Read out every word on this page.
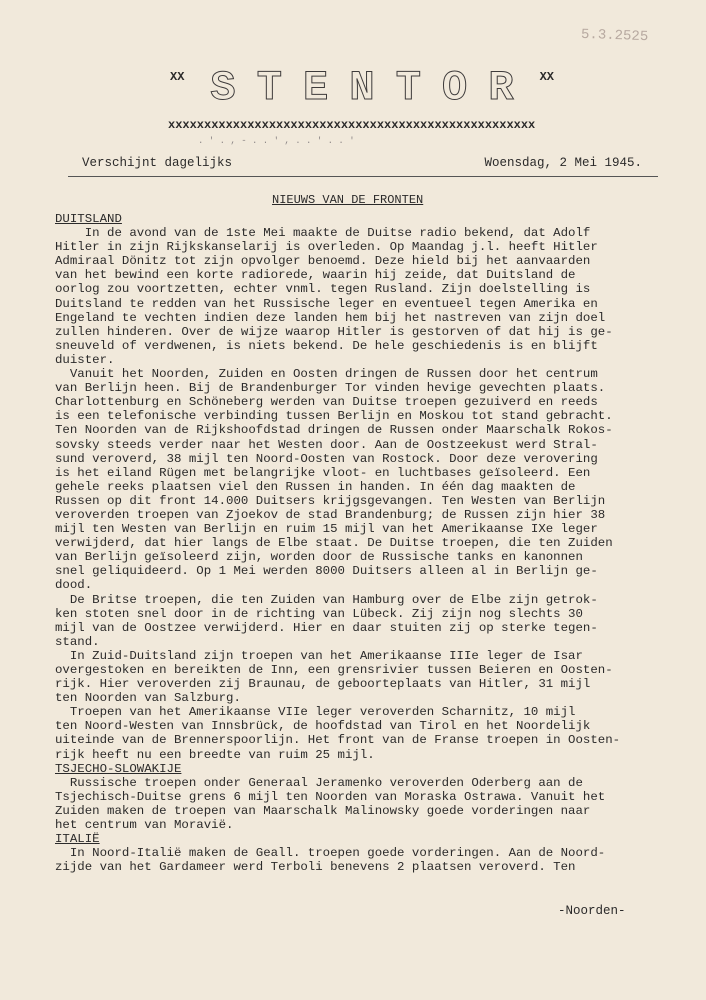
5.3.2525
XX S T E N T O R	XX
xxxxxxxxxxxxxxxxxxxxxxxxxxxxxxxxxxxxxxxxxxxxxxxxxxx
. ' . , - . . ' , . . ' . . '
Verschijnt dagelijks	Woensdag, 2 Mei 1945.
NIEUWS VAN DE FRONTEN
DUITSLAND
In de avond van de 1ste Mei maakte de Duitse radio bekend, dat Adolf
Hitler in zijn Rijkskanselarij is overleden. Op Maandag j.l. heeft Hitler
Admiraal Dönitz tot zijn opvolger benoemd. Deze hield bij het aanvaarden
van het bewind een korte radiorede, waarin hij zeide, dat Duitsland de
oorlog zou voortzetten, echter vnml. tegen Rusland. Zijn doelstelling is
Duitsland te redden van het Russische leger en eventueel tegen Amerika en
Engeland te vechten indien deze landen hem bij het nastreven van zijn doel
zullen hinderen. Over de wijze waarop Hitler is gestorven of dat hij is ge-
sneuveld of verdwenen, is niets bekend. De hele geschiedenis is en blijft
duister.
Vanuit het Noorden, Zuiden en Oosten dringen de Russen door het centrum
van Berlijn heen. Bij de Brandenburger Tor vinden hevige gevechten plaats.
Charlottenburg en Schöneberg werden van Duitse troepen gezuiverd en reeds
is een telefonische verbinding tussen Berlijn en Moskou tot stand gebracht.
Ten Noorden van de Rijkshoofdstad dringen de Russen onder Maarschalk Rokos-
sovsky steeds verder naar het Westen door. Aan de Oostzeekust werd Stral-
sund veroverd, 38 mijl ten Noord-Oosten van Rostock. Door deze verovering
is het eiland Rügen met belangrijke vloot- en luchtbases geïsoleerd. Een
gehele reeks plaatsen viel den Russen in handen. In één dag maakten de
Russen op dit front 14.000 Duitsers krijgsgevangen. Ten Westen van Berlijn
veroverden troepen van Zjoekov de stad Brandenburg; de Russen zijn hier 38
mijl ten Westen van Berlijn en ruim 15 mijl van het Amerikaanse IXe leger
verwijderd, dat hier langs de Elbe staat. De Duitse troepen, die ten Zuiden
van Berlijn geïsoleerd zijn, worden door de Russische tanks en kanonnen
snel geliquideerd. Op 1 Mei werden 8000 Duitsers alleen al in Berlijn ge-
dood.
De Britse troepen, die ten Zuiden van Hamburg over de Elbe zijn getrok-
ken stoten snel door in de richting van Lübeck. Zij zijn nog slechts 30
mijl van de Oostzee verwijderd. Hier en daar stuiten zij op sterke tegen-
stand.
In Zuid-Duitsland zijn troepen van het Amerikaanse IIIe leger de Isar
overgestoken en bereikten de Inn, een grensrivier tussen Beieren en Oosten-
rijk. Hier veroverden zij Braunau, de geboorteplaats van Hitler, 31 mijl
ten Noorden van Salzburg.
Troepen van het Amerikaanse VIIe leger veroverden Scharnitz, 10 mijl
ten Noord-Westen van Innsbrück, de hoofdstad van Tirol en het Noordelijk
uiteinde van de Brennerspoorlijn. Het front van de Franse troepen in Oosten-
rijk heeft nu een breedte van ruim 25 mijl.
TSJECHO-SLOWAKIJE
Russische troepen onder Generaal Jeramenko veroverden Oderberg aan de
Tsjechisch-Duitse grens 6 mijl ten Noorden van Moraska Ostrawa. Vanuit het
Zuiden maken de troepen van Maarschalk Malinowsky goede vorderingen naar
het centrum van Moravië.
ITALIË
In Noord-Italië maken de Geall. troepen goede vorderingen. Aan de Noord-
zijde van het Gardameer werd Terboli benevens 2 plaatsen veroverd. Ten
-Noorden-
